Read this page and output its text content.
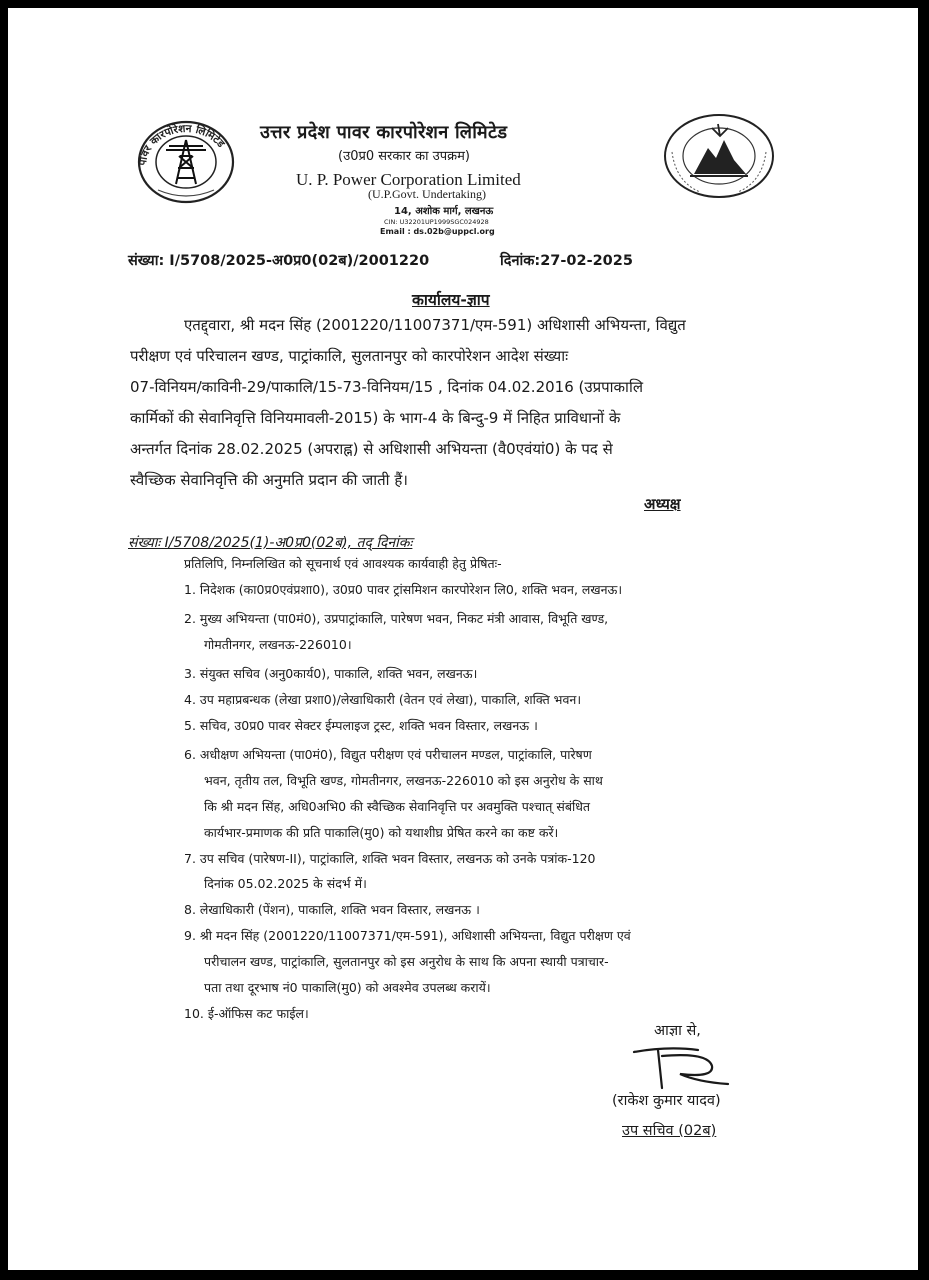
पावर कारपोरेशन लिमिटेड
उत्तर प्रदेश पावर कारपोरेशन लिमिटेड
(उ0प्र0 सरकार का उपक्रम)
U. P. Power Corporation Limited
(U.P.Govt. Undertaking)
14, अशोक मार्ग, लखनऊ
CIN: U32201UP1999SGC024928
Email : ds.02b@uppcl.org
संख्या: I/5708/2025-अ0प्र0(02ब)/2001220	दिनांक:27-02-2025
कार्यालय-ज्ञाप
एतद्द्वारा, श्री मदन सिंह (2001220/11007371/एम-591) अधिशासी अभियन्ता, विद्युत
परीक्षण एवं परिचालन खण्ड, पाट्रांकालि, सुलतानपुर को कारपोरेशन आदेश संख्याः
07-विनियम/काविनी-29/पाकालि/15-73-विनियम/15 , दिनांक 04.02.2016 (उप्रपाकालि
कार्मिकों की सेवानिवृत्ति विनियमावली-2015) के भाग-4 के बिन्दु-9 में निहित प्राविधानों के
अन्तर्गत दिनांक 28.02.2025 (अपराह्न) से अधिशासी अभियन्ता (वै0एवंयां0) के पद से
स्वैच्छिक सेवानिवृत्ति की अनुमति प्रदान की जाती हैं।
अध्यक्ष
संख्याः I/5708/2025(1)-अ0प्र0(02ब), तद् दिनांकः
प्रतिलिपि, निम्नलिखित को सूचनार्थ एवं आवश्यक कार्यवाही हेतु प्रेषितः-
1. निदेशक (का0प्र0एवंप्रशा0), उ0प्र0 पावर ट्रांसमिशन कारपोरेशन लि0, शक्ति भवन, लखनऊ।
2. मुख्य अभियन्ता (पा0मं0), उप्रपाट्रांकालि, पारेषण भवन, निकट मंत्री आवास, विभूति खण्ड,
गोमतीनगर, लखनऊ-226010।
3. संयुक्त सचिव (अनु0कार्य0), पाकालि, शक्ति भवन, लखनऊ।
4. उप महाप्रबन्धक (लेखा प्रशा0)/लेखाधिकारी (वेतन एवं लेखा), पाकालि, शक्ति भवन।
5. सचिव, उ0प्र0 पावर सेक्टर ईम्पलाइज ट्रस्ट, शक्ति भवन विस्तार, लखनऊ ।
6. अधीक्षण अभियन्ता (पा0मं0), विद्युत परीक्षण एवं परीचालन मण्डल, पाट्रांकालि, पारेषण
भवन, तृतीय तल, विभूति खण्ड, गोमतीनगर, लखनऊ-226010 को इस अनुरोध के साथ
कि श्री मदन सिंह, अधि0अभि0 की स्वैच्छिक सेवानिवृत्ति पर अवमुक्ति पश्चात् संबंधित
कार्यभार-प्रमाणक की प्रति पाकालि(मु0) को यथाशीघ्र प्रेषित करने का कष्ट करें।
7. उप सचिव (पारेषण-II), पाट्रांकालि, शक्ति भवन विस्तार, लखनऊ को उनके पत्रांक-120
दिनांक 05.02.2025 के संदर्भ में।
8. लेखाधिकारी (पेंशन), पाकालि, शक्ति भवन विस्तार, लखनऊ ।
9. श्री मदन सिंह (2001220/11007371/एम-591), अधिशासी अभियन्ता, विद्युत परीक्षण एवं
परीचालन खण्ड, पाट्रांकालि, सुलतानपुर को इस अनुरोध के साथ कि अपना स्थायी पत्राचार-
पता तथा दूरभाष नं0 पाकालि(मु0) को अवश्मेव उपलब्ध करायें।
10. ई-ऑफिस कट फाईल।
आज्ञा से,
(राकेश कुमार यादव)
उप सचिव (02ब)
